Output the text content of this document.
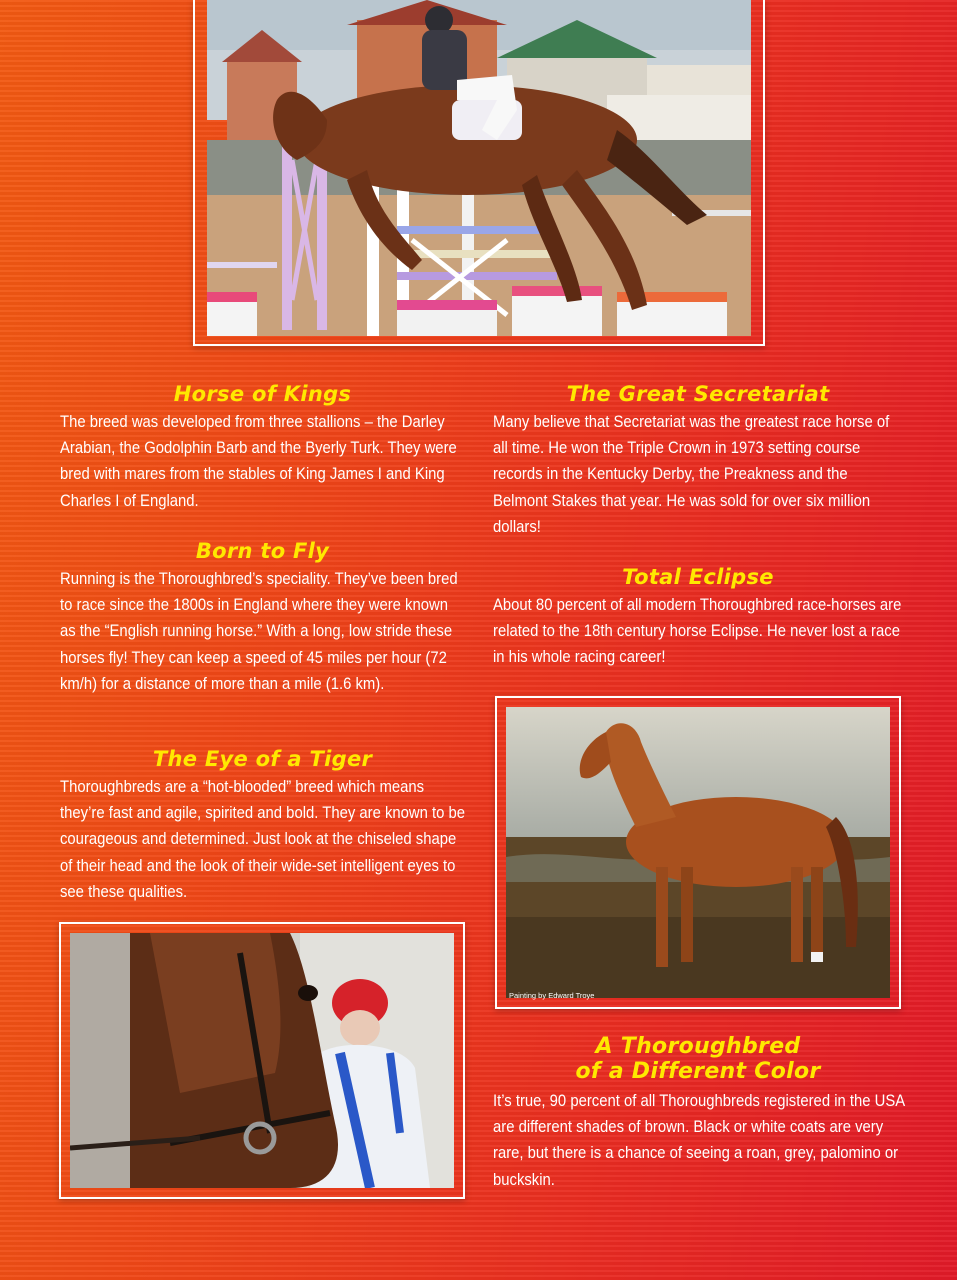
Horse of Kings

The breed was developed from three stallions – the Darley Arabian, the Godolphin Barb and the Byerly Turk. They were bred with mares from the stables of King James I and King Charles I of England.

Born to Fly

Running is the Thoroughbred’s speciality. They’ve been bred to race since the 1800s in England where they were known as the “English running horse.” With a long, low stride these horses fly! They can keep a speed of 45 miles per hour (72 km/h) for a distance of more than a mile (1.6 km).

The Eye of a Tiger

Thoroughbreds are a “hot-blooded” breed which means they’re fast and agile, spirited and bold. They are known to be courageous and determined. Just look at the chiseled shape of their head and the look of their wide-set intelligent eyes to see these qualities.

The Great Secretariat

Many believe that Secretariat was the greatest race horse of all time. He won the Triple Crown in 1973 setting course records in the Kentucky Derby, the Preakness and the Belmont Stakes that year. He was sold for over six million dollars!

Total Eclipse

About 80 percent of all modern Thoroughbred race-horses are related to the 18th century horse Eclipse. He never lost a race in his whole racing career!

Painting by Edward Troye
A Thoroughbred
of a Different Color

It’s true, 90 percent of all Thoroughbreds registered in the USA are different shades of brown. Black or white coats are very rare, but there is a chance of seeing a roan, grey, palomino or buckskin.
